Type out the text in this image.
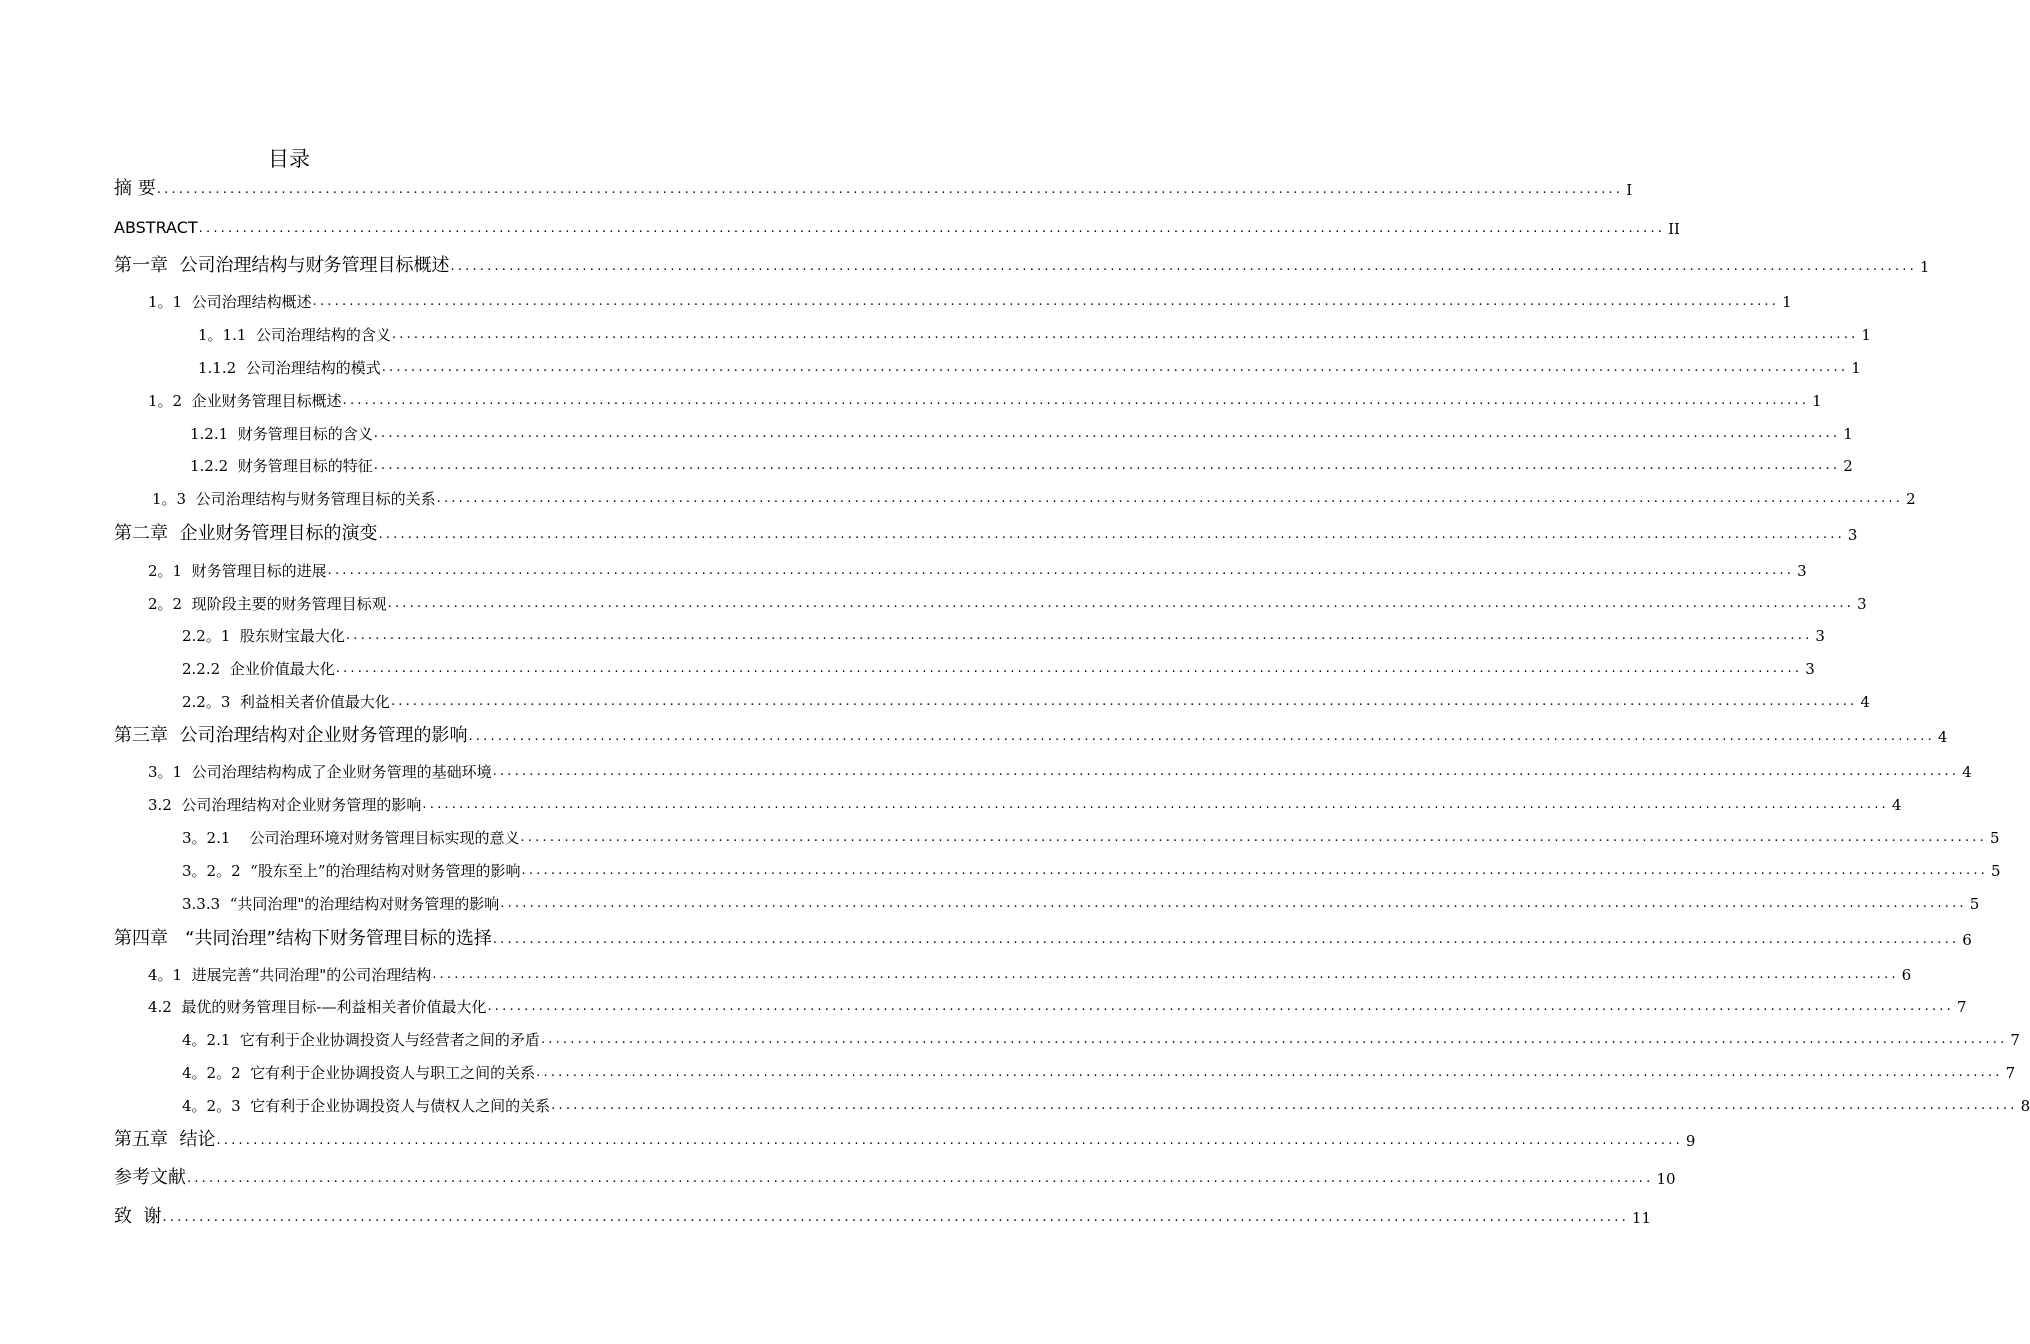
目录
摘 要 ........................................................................................................................................................................................................ I
ABSTRACT ........................................................................................................................................................................................................ II
第一章  公司治理结构与财务管理目标概述 ........................................................................................................................................................................................................ 1
1。1  公司治理结构概述 ........................................................................................................................................................................................................ 1
1。1.1  公司治理结构的含义 ........................................................................................................................................................................................................ 1
1.1.2  公司治理结构的模式 ........................................................................................................................................................................................................ 1
1。2  企业财务管理目标概述 ........................................................................................................................................................................................................ 1
1.2.1  财务管理目标的含义 ........................................................................................................................................................................................................ 1
1.2.2  财务管理目标的特征 ........................................................................................................................................................................................................ 2
1。3  公司治理结构与财务管理目标的关系 ........................................................................................................................................................................................................ 2
第二章  企业财务管理目标的演变 ........................................................................................................................................................................................................ 3
2。1  财务管理目标的进展 ........................................................................................................................................................................................................ 3
2。2  现阶段主要的财务管理目标观 ........................................................................................................................................................................................................ 3
2.2。1  股东财宝最大化 ........................................................................................................................................................................................................ 3
2.2.2  企业价值最大化 ........................................................................................................................................................................................................ 3
2.2。3  利益相关者价值最大化 ........................................................................................................................................................................................................ 4
第三章  公司治理结构对企业财务管理的影响 ........................................................................................................................................................................................................ 4
3。1  公司治理结构构成了企业财务管理的基础环境 ........................................................................................................................................................................................................ 4
3.2  公司治理结构对企业财务管理的影响 ........................................................................................................................................................................................................ 4
3。2.1    公司治理环境对财务管理目标实现的意义 ........................................................................................................................................................................................................ 5
3。2。2  “股东至上”的治理结构对财务管理的影响 ........................................................................................................................................................................................................ 5
3.3.3  “共同治理"的治理结构对财务管理的影响 ........................................................................................................................................................................................................ 5
第四章   “共同治理”结构下财务管理目标的选择 ........................................................................................................................................................................................................ 6
4。1  进展完善“共同治理"的公司治理结构 ........................................................................................................................................................................................................ 6
4.2  最优的财务管理目标-—利益相关者价值最大化 ........................................................................................................................................................................................................ 7
4。2.1  它有利于企业协调投资人与经营者之间的矛盾 ........................................................................................................................................................................................................ 7
4。2。2  它有利于企业协调投资人与职工之间的关系 ........................................................................................................................................................................................................ 7
4。2。3  它有利于企业协调投资人与债权人之间的关系 ........................................................................................................................................................................................................ 8
第五章  结论 ........................................................................................................................................................................................................ 9
参考文献 ........................................................................................................................................................................................................ 10
致  谢 ........................................................................................................................................................................................................ 11
